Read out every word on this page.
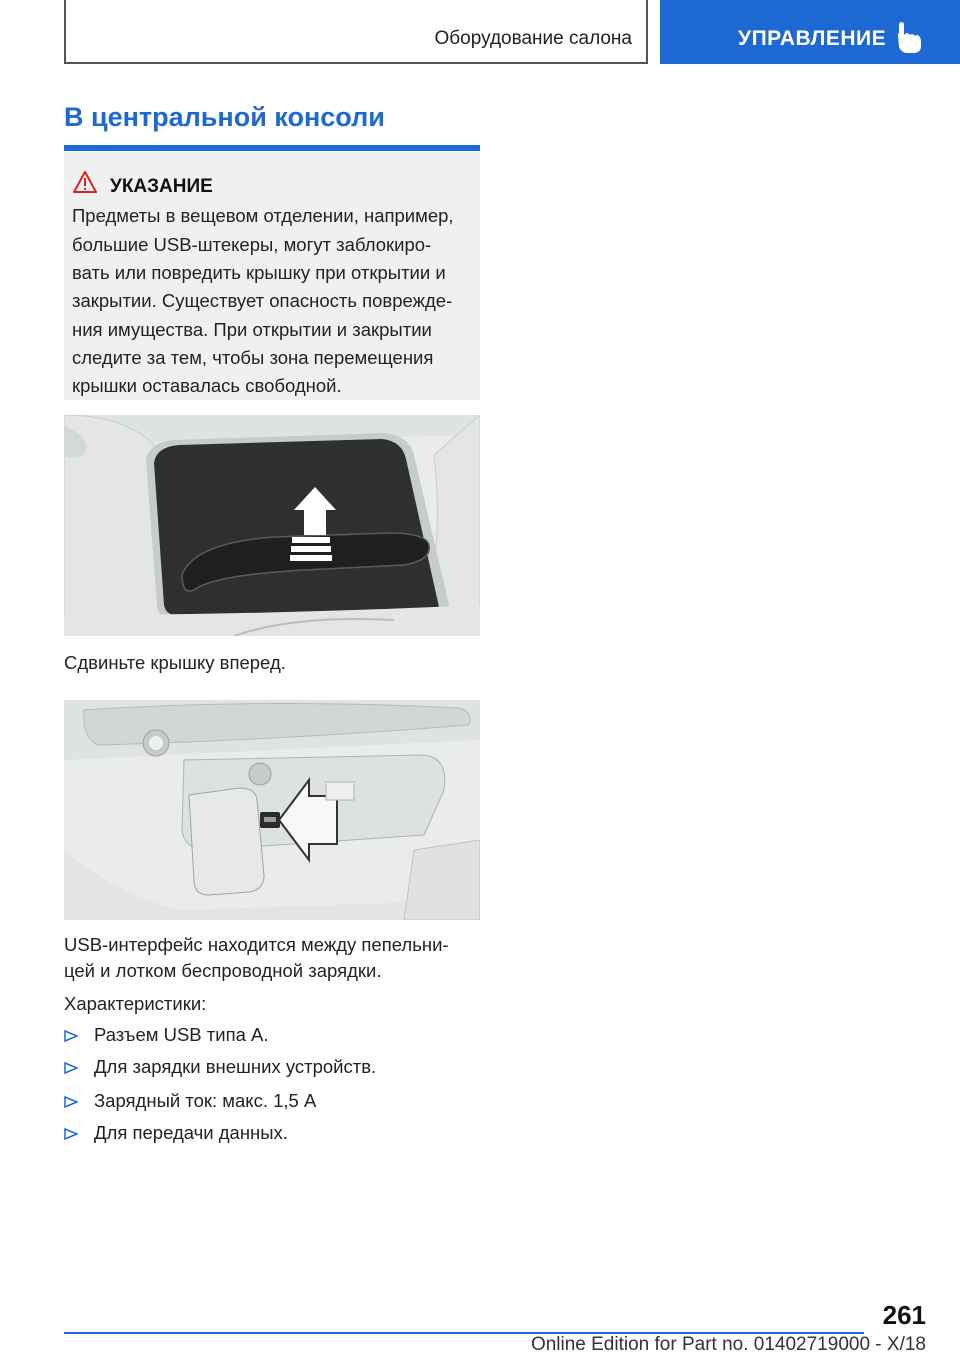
Оборудование салона	УПРАВЛЕНИЕ
В центральной консоли
УКАЗАНИЕ
Предметы в вещевом отделении, например,
большие USB-штекеры, могут заблокиро-
вать или повредить крышку при открытии и
закрытии. Существует опасность поврежде-
ния имущества. При открытии и закрытии
следите за тем, чтобы зона перемещения
крышки оставалась свободной.
Сдвиньте крышку вперед.
USB-интерфейс находится между пепельни-
цей и лотком беспроводной зарядки.
Характеристики:
Разъем USB типа A.
Для зарядки внешних устройств.
Зарядный ток: макс. 1,5 A
Для передачи данных.
261
Online Edition for Part no. 01402719000 - X/18
